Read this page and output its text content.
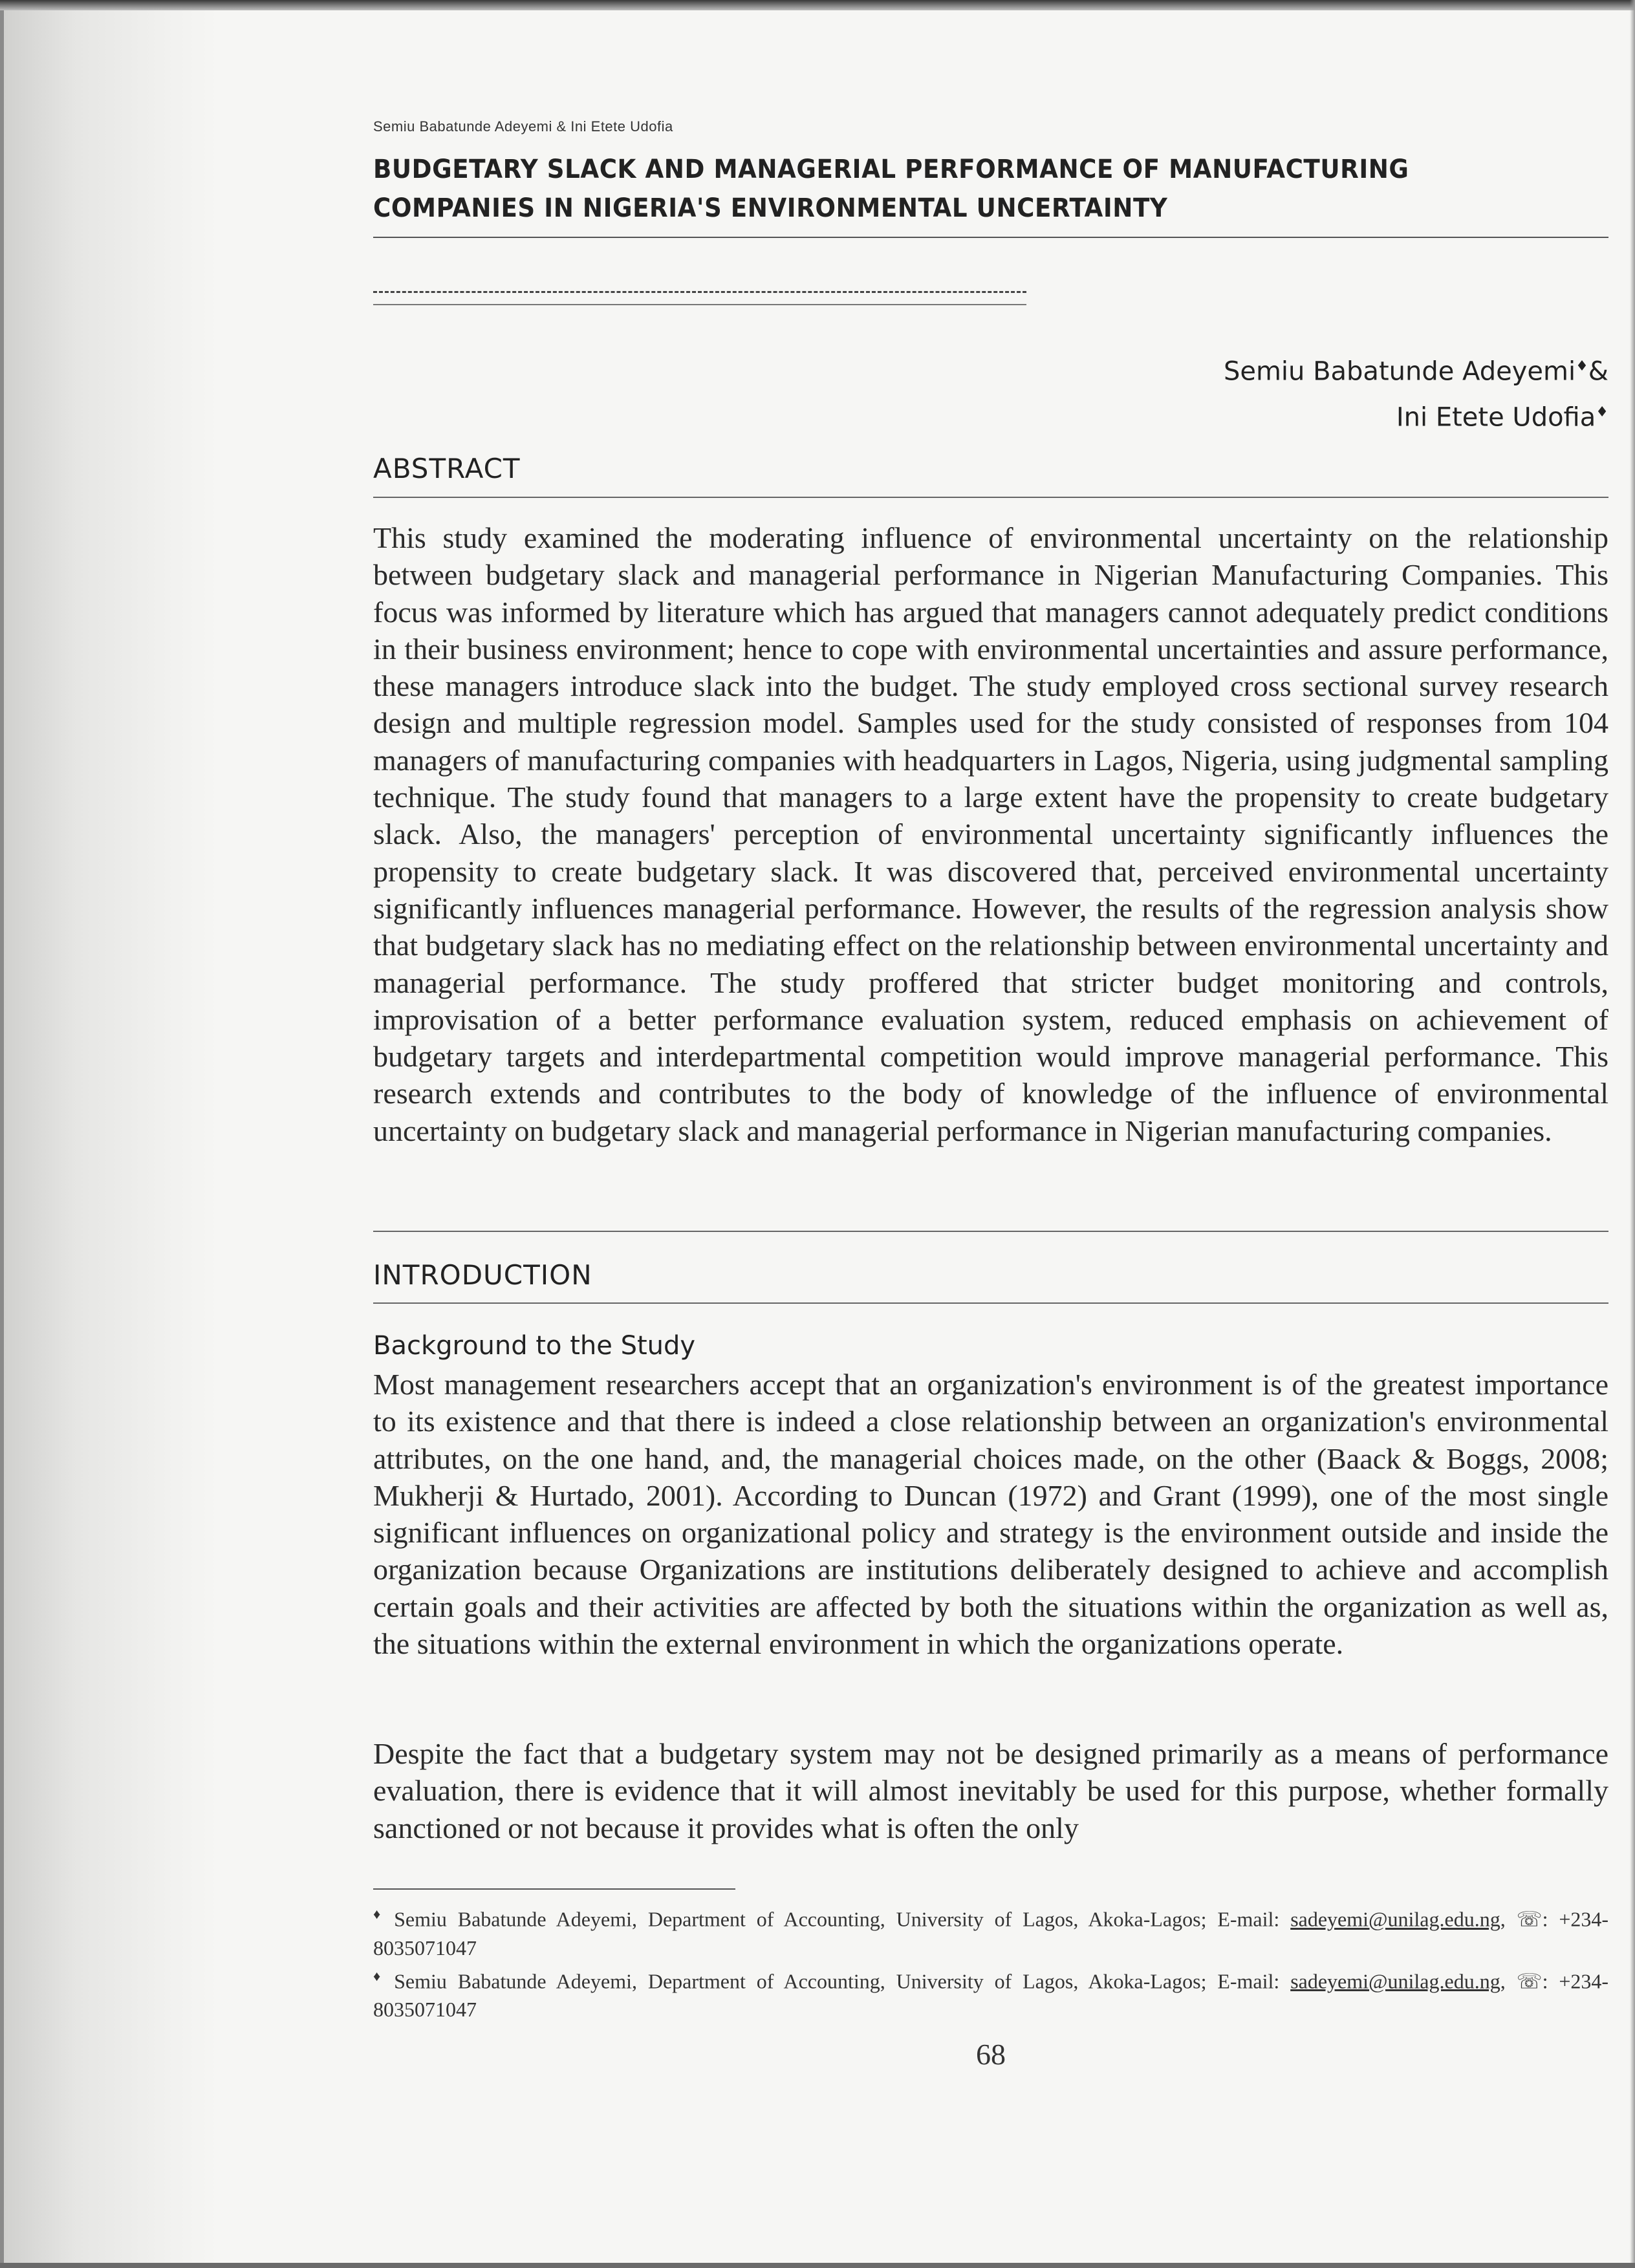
Semiu Babatunde Adeyemi & Ini Etete Udofia
BUDGETARY SLACK AND MANAGERIAL PERFORMANCE OF MANUFACTURING COMPANIES IN NIGERIA'S ENVIRONMENTAL UNCERTAINTY
Semiu Babatunde Adeyemi♦&
Ini Etete Udofia♦
ABSTRACT

This study examined the moderating influence of environmental uncertainty on the relationship between budgetary slack and managerial performance in Nigerian Manufacturing Companies. This focus was informed by literature which has argued that managers cannot adequately predict conditions in their business environment; hence to cope with environmental uncertainties and assure performance, these managers introduce slack into the budget. The study employed cross sectional survey research design and multiple regression model. Samples used for the study consisted of responses from 104 managers of manufacturing companies with headquarters in Lagos, Nigeria, using judgmental sampling technique. The study found that managers to a large extent have the propensity to create budgetary slack. Also, the managers' perception of environmental uncertainty significantly influences the propensity to create budgetary slack. It was discovered that, perceived environmental uncertainty significantly influences managerial performance. However, the results of the regression analysis show that budgetary slack has no mediating effect on the relationship between environmental uncertainty and managerial performance. The study proffered that stricter budget monitoring and controls, improvisation of a better performance evaluation system, reduced emphasis on achievement of budgetary targets and interdepartmental competition would improve managerial performance. This research extends and contributes to the body of knowledge of the influence of environmental uncertainty on budgetary slack and managerial performance in Nigerian manufacturing companies.

INTRODUCTION
Background to the Study

Most management researchers accept that an organization's environment is of the greatest importance to its existence and that there is indeed a close relationship between an organization's environmental attributes, on the one hand, and, the managerial choices made, on the other (Baack & Boggs, 2008; Mukherji & Hurtado, 2001). According to Duncan (1972) and Grant (1999), one of the most single significant influences on organizational policy and strategy is the environment outside and inside the organization because Organizations are institutions deliberately designed to achieve and accomplish certain goals and their activities are affected by both the situations within the organization as well as, the situations within the external environment in which the organizations operate.

Despite the fact that a budgetary system may not be designed primarily as a means of performance evaluation, there is evidence that it will almost inevitably be used for this purpose, whether formally sanctioned or not because it provides what is often the only

♦ Semiu Babatunde Adeyemi, Department of Accounting, University of Lagos, Akoka-Lagos; E-mail: sadeyemi@unilag.edu.ng, ☏: +234-8035071047

♦ Semiu Babatunde Adeyemi, Department of Accounting, University of Lagos, Akoka-Lagos; E-mail: sadeyemi@unilag.edu.ng, ☏: +234-8035071047

68
